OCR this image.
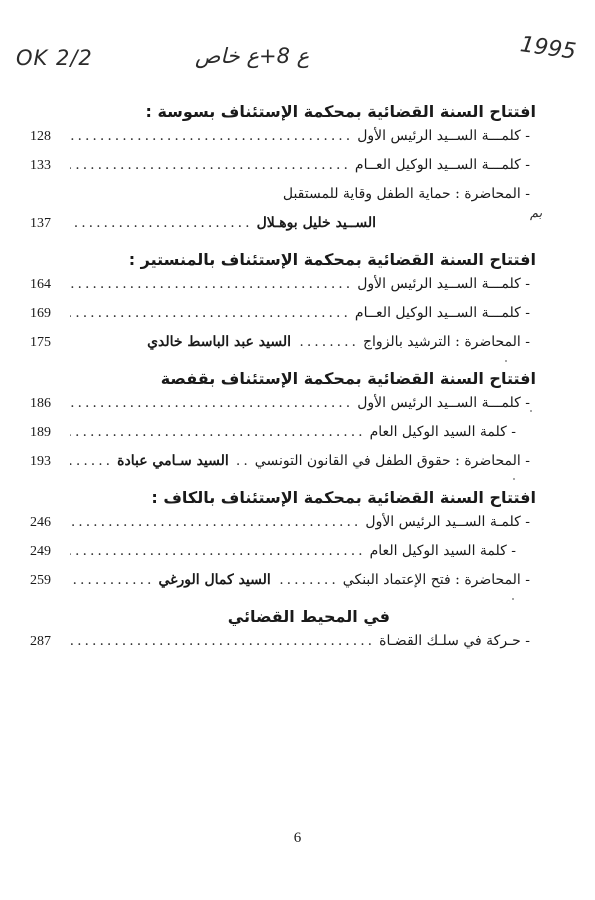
OK 2/2	ع 8+ع خاص	1995
بم
افتتاح السنة القضائية بمحكمة الإستئناف بسوسة :
- كلمـــة الســيد الرئيس الأول
.....
128
- كلمـــة الســيد الوكيل العــام
.....
133
- المحاضرة : حماية الطفل وقاية للمستقبل
الســيد خليل بوهـلال
.....
137
افتتاح السنة القضائية بمحكمة الإستئناف بالمنستير :
- كلمـــة الســيد الرئيس الأول
.....
164
- كلمـــة الســيد الوكيل العــام
.....
169
- المحاضرة : الترشيد بالزواج
.....
السيد عبد الباسط خالدي
175
افتتاح السنة القضائية بمحكمة الإستئناف بقفصة
- كلمـــة الســيد الرئيس الأول
.....
186
- كلمة السيد الوكيل العام
.....
189
- المحاضرة : حقوق الطفل في القانون التونسي
.....
السيد سـامي عبادة
.....
193
افتتاح السنة القضائية بمحكمة الإستئناف بالكاف :
- كلمـة الســيد الرئيس الأول
.....
246
- كلمة السيد الوكيل العام
.....
249
- المحاضرة : فتح الإعتماد البنكي
.....
السيد كمال الورغي
.....
259
في المحيط القضائي
- حـركة في سلـك القضـاة
.....
287
6
